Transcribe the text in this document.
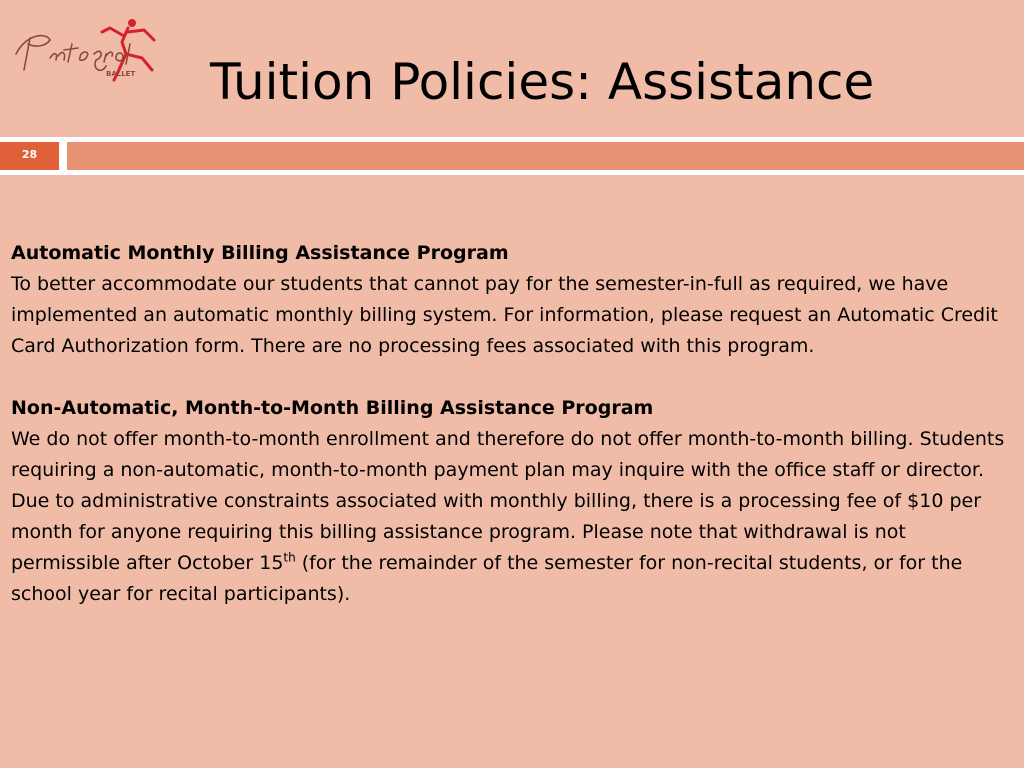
BALLET Tuition Policies: Assistance
28
Automatic Monthly Billing Assistance Program
To better accommodate our students that cannot pay for the semester-in-full as required, we have implemented an automatic monthly billing system. For information, please request an Automatic Credit Card Authorization form. There are no processing fees associated with this program.
Non-Automatic, Month-to-Month Billing Assistance Program
We do not offer month-to-month enrollment and therefore do not offer month-to-month billing. Students requiring a non-automatic, month-to-month payment plan may inquire with the office staff or director. Due to administrative constraints associated with monthly billing, there is a processing fee of $10 per month for anyone requiring this billing assistance program. Please note that withdrawal is not permissible after October 15th (for the remainder of the semester for non-recital students, or for the school year for recital participants).
